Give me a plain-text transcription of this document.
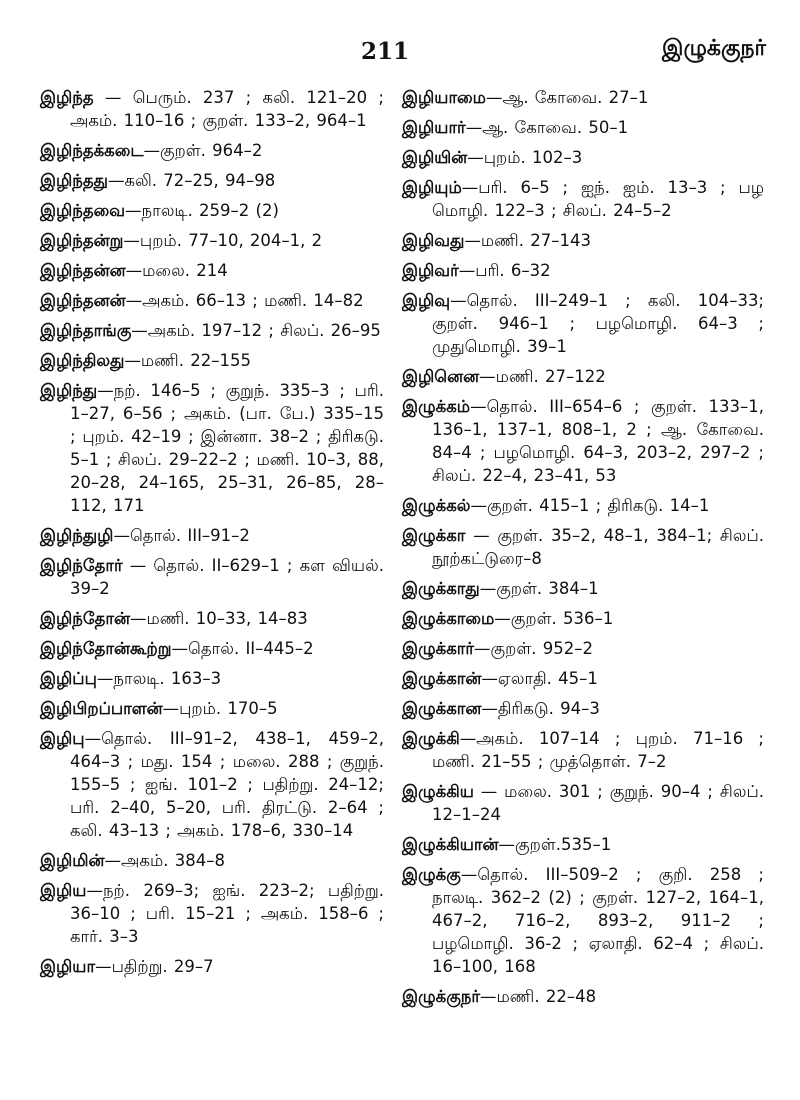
211	இழுக்குநர்
இழிந்த — பெரும். 237 ; கலி. 121–20 ; அகம். 110–16 ; குறள். 133–2, 964–1
இழிந்தக்கடை—குறள். 964–2
இழிந்தது—கலி. 72–25, 94–98
இழிந்தவை—நாலடி. 259–2 (2)
இழிந்தன்று—புறம். 77–10, 204–1, 2
இழிந்தன்ன—மலை. 214
இழிந்தனன்—அகம். 66–13 ; மணி. 14–82
இழிந்தாங்கு—அகம். 197–12 ; சிலப். 26–95
இழிந்திலது—மணி. 22–155
இழிந்து—நற். 146–5 ; குறுந். 335–3 ; பரி. 1–27, 6–56 ; அகம். (பா. பே.) 335–15 ; புறம். 42–19 ; இன்னா. 38–2 ; திரிகடு. 5–1 ; சிலப். 29–22–2 ; மணி. 10–3, 88, 20–28, 24–165, 25–31, 26–85, 28–112, 171
இழிந்துழி—தொல். III–91–2
இழிந்தோர் — தொல். II–629–1 ; கள வியல். 39–2
இழிந்தோன்—மணி. 10–33, 14–83
இழிந்தோன்கூற்று—தொல். II–445–2
இழிப்பு—நாலடி. 163–3
இழிபிறப்பாளன்—புறம். 170–5
இழிபு—தொல். III–91–2, 438–1, 459–2, 464–3 ; மது. 154 ; மலை. 288 ; குறுந். 155–5 ; ஐங். 101–2 ; பதிற்று. 24–12; பரி. 2–40, 5–20, பரி. திரட்டு. 2–64 ; கலி. 43–13 ; அகம். 178–6, 330–14
இழிமின்—அகம். 384–8
இழிய—நற். 269–3; ஐங். 223–2; பதிற்று. 36–10 ; பரி. 15–21 ; அகம். 158–6 ; கார். 3–3
இழியா—பதிற்று. 29–7
இழியாமை—ஆ. கோவை. 27–1
இழியார்—ஆ. கோவை. 50–1
இழியின்—புறம். 102–3
இழியும்—பரி. 6–5 ; ஐந். ஐம். 13–3 ; பழ மொழி. 122–3 ; சிலப். 24–5–2
இழிவது—மணி. 27–143
இழிவர்—பரி. 6–32
இழிவு—தொல். III–249–1 ; கலி. 104–33; குறள். 946–1 ; பழமொழி. 64–3 ; முதுமொழி. 39–1
இழினென—மணி. 27–122
இழுக்கம்—தொல். III–654–6 ; குறள். 133–1, 136–1, 137–1, 808–1, 2 ; ஆ. கோவை. 84–4 ; பழமொழி. 64–3, 203–2, 297–2 ; சிலப். 22–4, 23–41, 53
இழுக்கல்—குறள். 415–1 ; திரிகடு. 14–1
இழுக்கா — குறள். 35–2, 48–1, 384–1; சிலப். நூற்கட்டுரை–8
இழுக்காது—குறள். 384–1
இழுக்காமை—குறள். 536–1
இழுக்கார்—குறள். 952–2
இழுக்கான்—ஏலாதி. 45–1
இழுக்கான—திரிகடு. 94–3
இழுக்கி—அகம். 107–14 ; புறம். 71–16 ; மணி. 21–55 ; முத்தொள். 7–2
இழுக்கிய — மலை. 301 ; குறுந். 90–4 ; சிலப். 12–1–24
இழுக்கியான்—குறள்.535–1
இழுக்கு—தொல். III–509–2 ; குறி. 258 ; நாலடி. 362–2 (2) ; குறள். 127–2, 164–1, 467–2, 716–2, 893–2, 911–2 ; பழமொழி. 36-2 ; ஏலாதி. 62–4 ; சிலப். 16–100, 168
இழுக்குநர்—மணி. 22–48
